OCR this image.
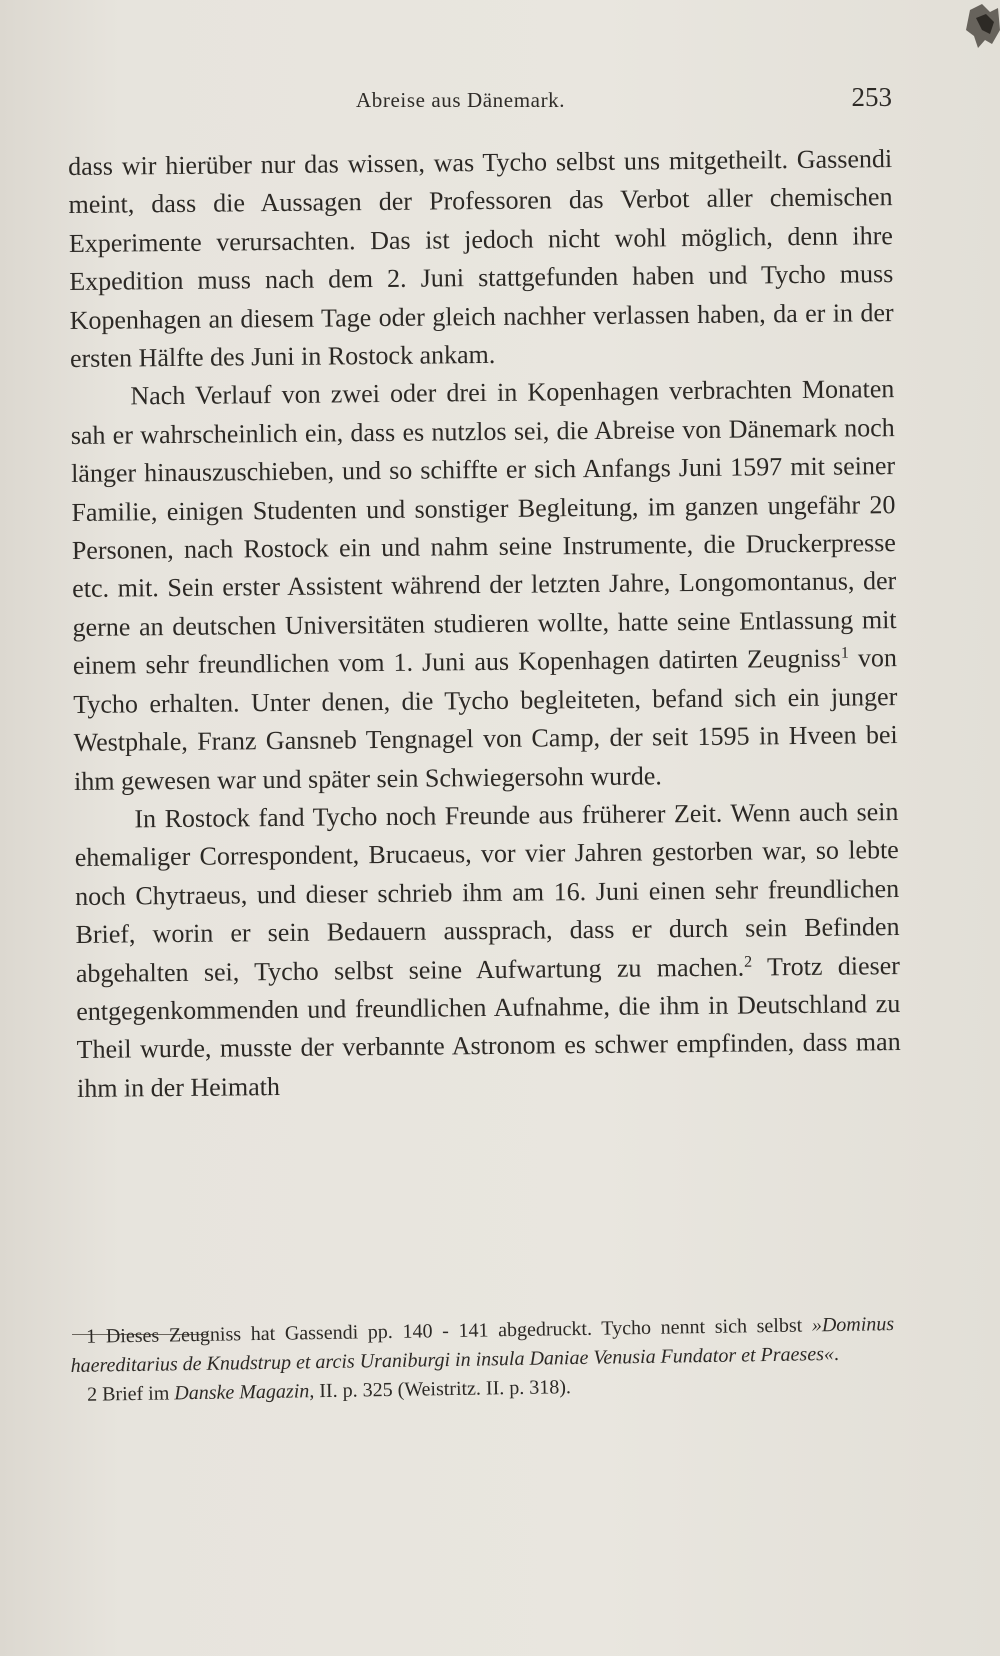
Abreise aus Dänemark.	253

dass wir hierüber nur das wissen, was Tycho selbst uns mitgetheilt. Gassendi meint, dass die Aussagen der Professoren das Verbot aller chemischen Experimente verursachten. Das ist jedoch nicht wohl möglich, denn ihre Expedition muss nach dem 2. Juni stattgefunden haben und Tycho muss Kopenhagen an diesem Tage oder gleich nachher verlassen haben, da er in der ersten Hälfte des Juni in Rostock ankam.

Nach Verlauf von zwei oder drei in Kopenhagen verbrachten Monaten sah er wahrscheinlich ein, dass es nutzlos sei, die Abreise von Dänemark noch länger hinauszuschieben, und so schiffte er sich Anfangs Juni 1597 mit seiner Familie, einigen Studenten und sonstiger Begleitung, im ganzen ungefähr 20 Personen, nach Rostock ein und nahm seine Instrumente, die Druckerpresse etc. mit. Sein erster Assistent während der letzten Jahre, Longomontanus, der gerne an deutschen Universitäten studieren wollte, hatte seine Entlassung mit einem sehr freundlichen vom 1. Juni aus Kopenhagen datirten Zeugniss$^1$ von Tycho erhalten. Unter denen, die Tycho begleiteten, befand sich ein junger Westphale, Franz Gansneb Tengnagel von Camp, der seit 1595 in Hveen bei ihm gewesen war und später sein Schwiegersohn wurde.

In Rostock fand Tycho noch Freunde aus früherer Zeit. Wenn auch sein ehemaliger Correspondent, Brucaeus, vor vier Jahren gestorben war, so lebte noch Chytraeus, und dieser schrieb ihm am 16. Juni einen sehr freundlichen Brief, worin er sein Bedauern aussprach, dass er durch sein Befinden abgehalten sei, Tycho selbst seine Aufwartung zu machen.$^2$ Trotz dieser entgegenkommenden und freundlichen Aufnahme, die ihm in Deutschland zu Theil wurde, musste der verbannte Astronom es schwer empfinden, dass man ihm in der Heimath

1 Dieses Zeugniss hat Gassendi pp. 140 - 141 abgedruckt. Tycho nennt sich selbst »Dominus haereditarius de Knudstrup et arcis Uraniburgi in insula Daniae Venusia Fundator et Praeses«.

2 Brief im Danske Magazin, II. p. 325 (Weistritz. II. p. 318).
